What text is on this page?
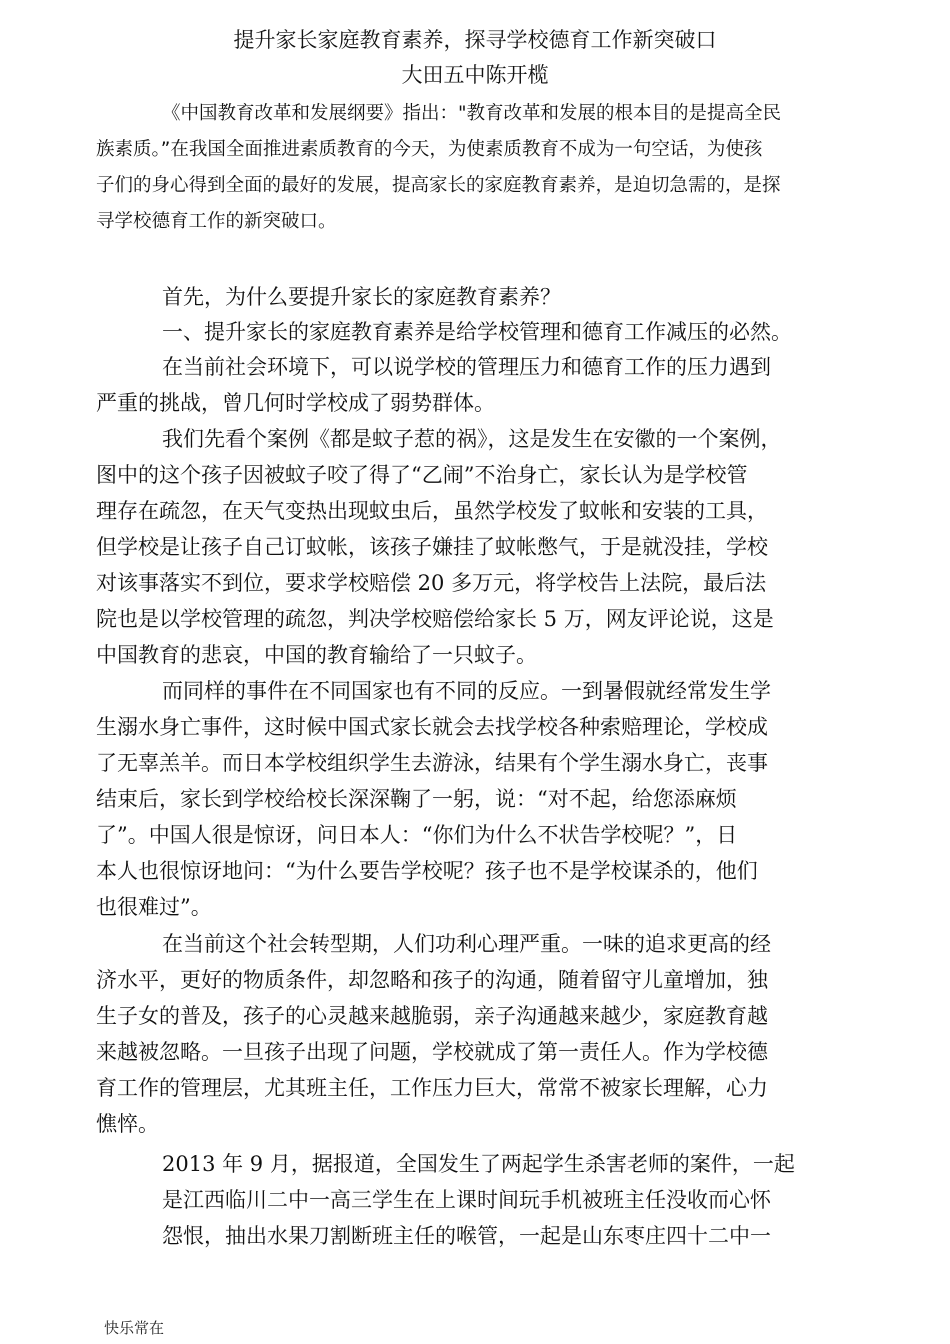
提升家长家庭教育素养，探寻学校德育工作新突破口
大田五中陈开榄
《中国教育改革和发展纲要》指出："教育改革和发展的根本目的是提高全民
族素质。”在我国全面推进素质教育的今天，为使素质教育不成为一句空话，为使孩
子们的身心得到全面的最好的发展，提高家长的家庭教育素养，是迫切急需的，是探
寻学校德育工作的新突破口。
首先，为什么要提升家长的家庭教育素养？
一、提升家长的家庭教育素养是给学校管理和德育工作减压的必然。
在当前社会环境下，可以说学校的管理压力和德育工作的压力遇到
严重的挑战，曾几何时学校成了弱势群体。
我们先看个案例《都是蚊子惹的祸》，这是发生在安徽的一个案例，
图中的这个孩子因被蚊子咬了得了“乙闹”不治身亡，家长认为是学校管
理存在疏忽，在天气变热出现蚊虫后，虽然学校发了蚊帐和安装的工具，
但学校是让孩子自己订蚊帐，该孩子嫌挂了蚊帐憋气，于是就没挂，学校
对该事落实不到位，要求学校赔偿 20 多万元，将学校告上法院，最后法
院也是以学校管理的疏忽，判决学校赔偿给家长 5 万，网友评论说，这是
中国教育的悲哀，中国的教育输给了一只蚊子。
而同样的事件在不同国家也有不同的反应。一到暑假就经常发生学
生溺水身亡事件，这时候中国式家长就会去找学校各种索赔理论，学校成
了无辜羔羊。而日本学校组织学生去游泳，结果有个学生溺水身亡，丧事
结束后，家长到学校给校长深深鞠了一躬，说：“对不起，给您添麻烦
了”。中国人很是惊讶，问日本人：“你们为什么不状告学校呢？”，日
本人也很惊讶地问：“为什么要告学校呢？孩子也不是学校谋杀的，他们
也很难过”。
在当前这个社会转型期，人们功利心理严重。一味的追求更高的经
济水平，更好的物质条件，却忽略和孩子的沟通，随着留守儿童增加，独
生子女的普及，孩子的心灵越来越脆弱，亲子沟通越来越少，家庭教育越
来越被忽略。一旦孩子出现了问题，学校就成了第一责任人。作为学校德
育工作的管理层，尤其班主任，工作压力巨大，常常不被家长理解，心力
憔悴。
2013 年 9 月，据报道，全国发生了两起学生杀害老师的案件，一起
是江西临川二中一高三学生在上课时间玩手机被班主任没收而心怀
怨恨，抽出水果刀割断班主任的喉管，一起是山东枣庄四十二中一
快乐常在
